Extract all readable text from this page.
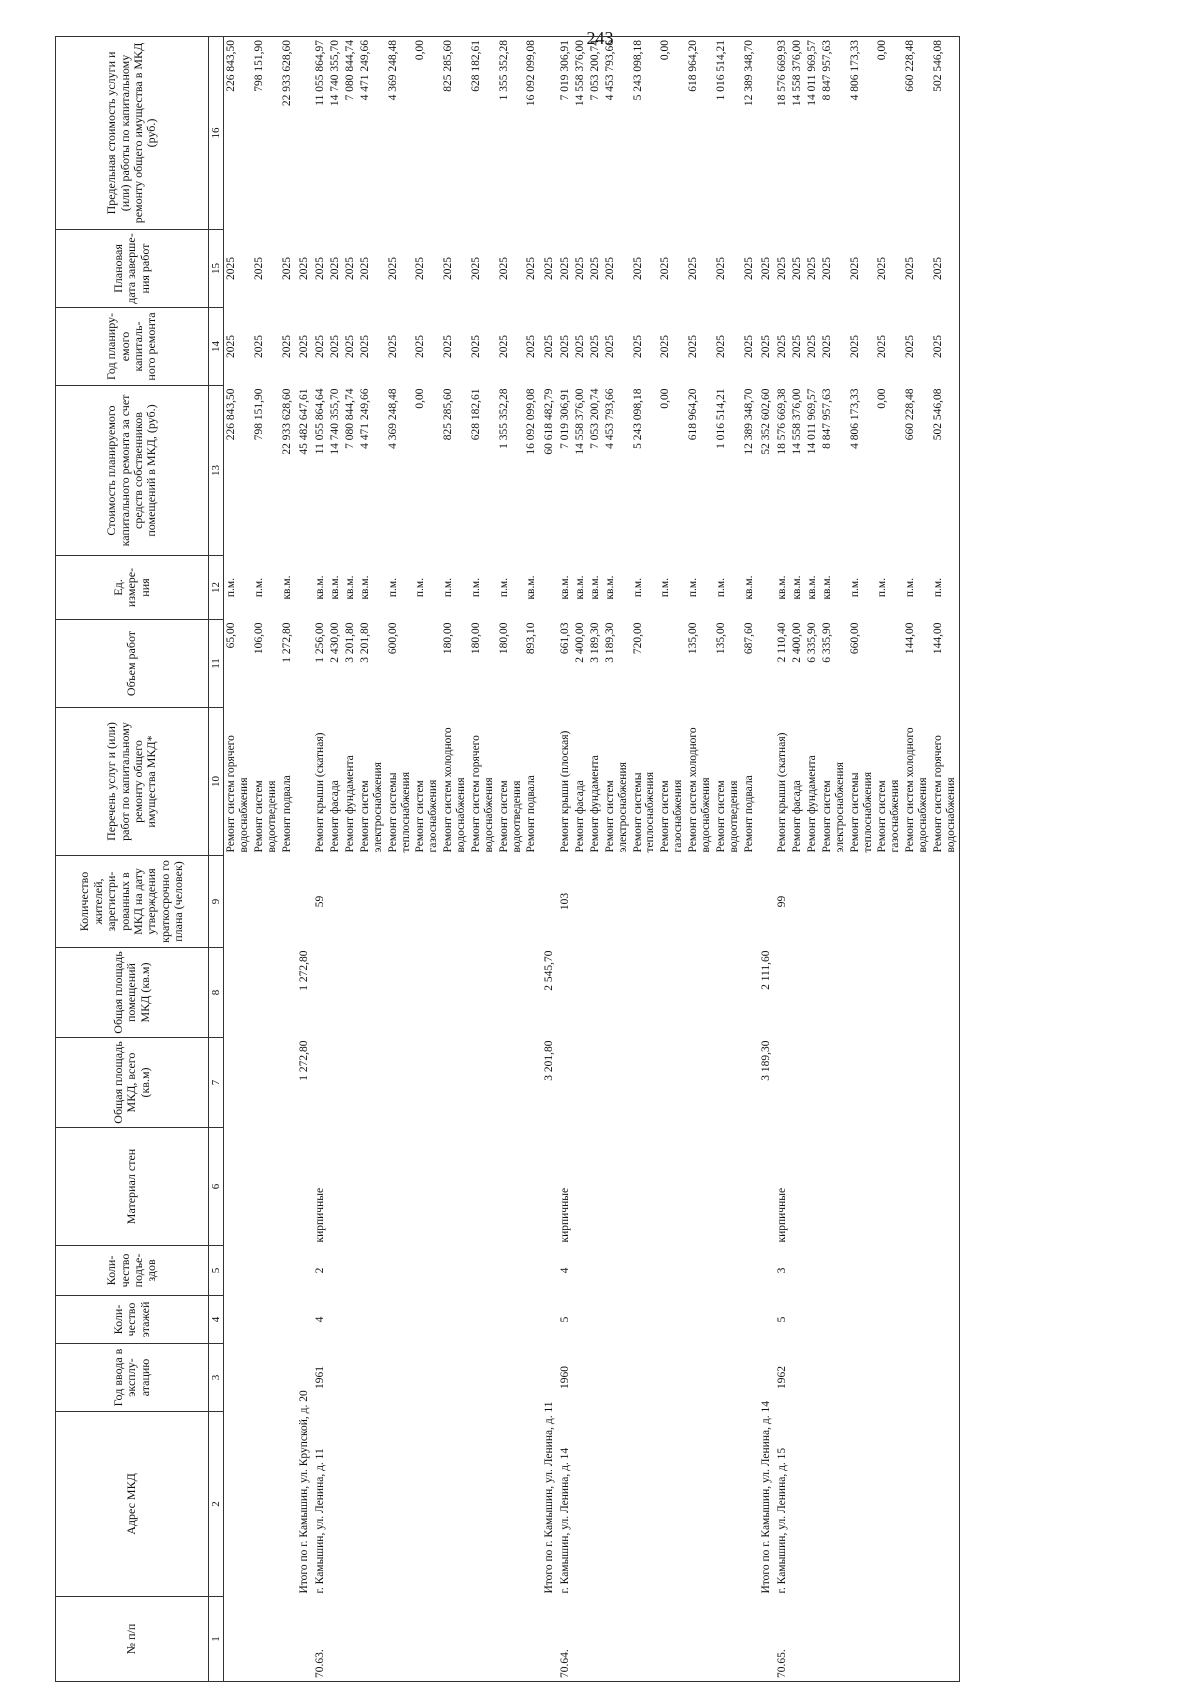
243
№ п/п	Адрес МКД	Год ввода в эксплу-атацию	Коли-чество этажей	Коли-чество подъе-здов	Материал стен	Общая площадь МКД, всего (кв.м)	Общая площадь помещений МКД (кв.м)	Количество жителей, зарегистри-рованных в МКД на дату утверждения краткосрочно го плана (человек)	Перечень услуг и (или) работ по капитальному ремонту общего имущества МКД*	Объем работ	Ед. измере-ния	Стоимость планируемого капитального ремонта за счет средств собственников помещений в МКД, (руб.)	Год планиру-емого капиталь-ного ремонта	Плановая дата заверше-ния работ	Предельная стоимость услуги и (или) работы по капитальному ремонту общего имущества в МКД (руб.)
1	2	3	4	5	6	7	8	9	10	11	12	13	14	15	16
									Ремонт систем горячего водоснабжения	65,00	п.м.	226 843,50	2025	2025	226 843,50
									Ремонт систем водоотведения	106,00	п.м.	798 151,90	2025	2025	798 151,90
									Ремонт подвала	1 272,80	кв.м.	22 933 628,60	2025	2025	22 933 628,60
	Итого по г. Камышин, ул. Крупской, д. 20					1 272,80	1 272,80					45 482 647,61	2025	2025	
70.63.	г. Камышин, ул. Ленина, д. 11	1961	4	2	кирпичные			59	Ремонт крыши (скатная)	1 256,00	кв.м.	11 055 864,64	2025	2025	11 055 864,97
									Ремонт фасада	2 430,00	кв.м.	14 740 355,70	2025	2025	14 740 355,70
									Ремонт фундамента	3 201,80	кв.м.	7 080 844,74	2025	2025	7 080 844,74
									Ремонт систем электроснабжения	3 201,80	кв.м.	4 471 249,66	2025	2025	4 471 249,66
									Ремонт системы теплоснабжения	600,00	п.м.	4 369 248,48	2025	2025	4 369 248,48
									Ремонт систем газоснабжения		п.м.	0,00	2025	2025	0,00
									Ремонт систем холодного водоснабжения	180,00	п.м.	825 285,60	2025	2025	825 285,60
									Ремонт систем горячего водоснабжения	180,00	п.м.	628 182,61	2025	2025	628 182,61
									Ремонт систем водоотведения	180,00	п.м.	1 355 352,28	2025	2025	1 355 352,28
									Ремонт подвала	893,10	кв.м.	16 092 099,08	2025	2025	16 092 099,08
	Итого по г. Камышин, ул. Ленина, д. 11					3 201,80	2 545,70					60 618 482,79	2025	2025	
70.64.	г. Камышин, ул. Ленина, д. 14	1960	5	4	кирпичные			103	Ремонт крыши (плоская)	661,03	кв.м.	7 019 306,91	2025	2025	7 019 306,91
									Ремонт фасада	2 400,00	кв.м.	14 558 376,00	2025	2025	14 558 376,00
									Ремонт фундамента	3 189,30	кв.м.	7 053 200,74	2025	2025	7 053 200,74
									Ремонт систем электроснабжения	3 189,30	кв.м.	4 453 793,66	2025	2025	4 453 793,66
									Ремонт системы теплоснабжения	720,00	п.м.	5 243 098,18	2025	2025	5 243 098,18
									Ремонт систем газоснабжения		п.м.	0,00	2025	2025	0,00
									Ремонт систем холодного водоснабжения	135,00	п.м.	618 964,20	2025	2025	618 964,20
									Ремонт систем водоотведения	135,00	п.м.	1 016 514,21	2025	2025	1 016 514,21
									Ремонт подвала	687,60	кв.м.	12 389 348,70	2025	2025	12 389 348,70
	Итого по г. Камышин, ул. Ленина, д. 14					3 189,30	2 111,60					52 352 602,60	2025	2025	
70.65.	г. Камышин, ул. Ленина, д. 15	1962	5	3	кирпичные			99	Ремонт крыши (скатная)	2 110,40	кв.м.	18 576 669,38	2025	2025	18 576 669,93
									Ремонт фасада	2 400,00	кв.м.	14 558 376,00	2025	2025	14 558 376,00
									Ремонт фундамента	6 335,90	кв.м.	14 011 969,57	2025	2025	14 011 969,57
									Ремонт систем электроснабжения	6 335,90	кв.м.	8 847 957,63	2025	2025	8 847 957,63
									Ремонт системы теплоснабжения	660,00	п.м.	4 806 173,33	2025	2025	4 806 173,33
									Ремонт систем газоснабжения		п.м.	0,00	2025	2025	0,00
									Ремонт систем холодного водоснабжения	144,00	п.м.	660 228,48	2025	2025	660 228,48
									Ремонт систем горячего водоснабжения	144,00	п.м.	502 546,08	2025	2025	502 546,08
